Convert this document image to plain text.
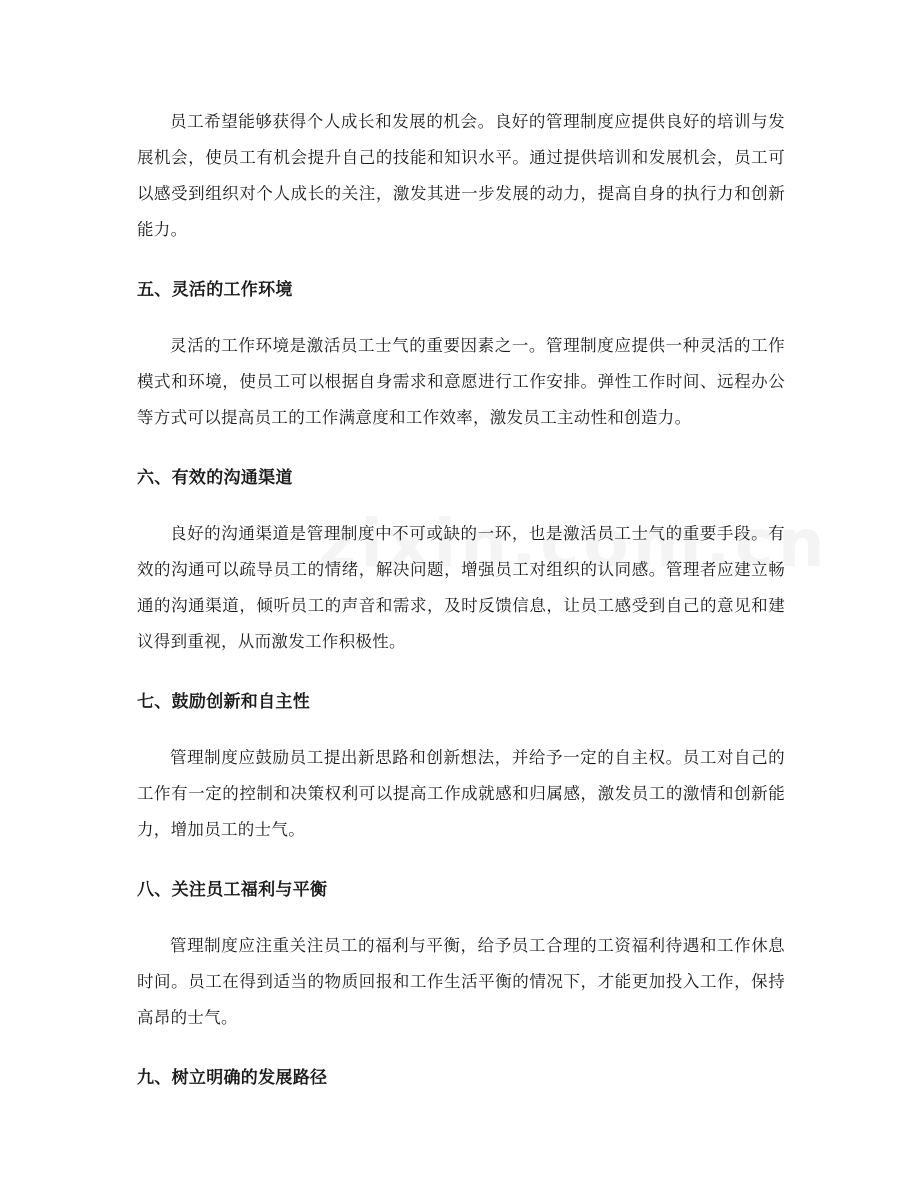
员工希望能够获得个人成长和发展的机会。良好的管理制度应提供良好的培训与发展机会，使员工有机会提升自己的技能和知识水平。通过提供培训和发展机会，员工可以感受到组织对个人成长的关注，激发其进一步发展的动力，提高自身的执行力和创新能力。

五、灵活的工作环境

灵活的工作环境是激活员工士气的重要因素之一。管理制度应提供一种灵活的工作模式和环境，使员工可以根据自身需求和意愿进行工作安排。弹性工作时间、远程办公等方式可以提高员工的工作满意度和工作效率，激发员工主动性和创造力。

六、有效的沟通渠道

良好的沟通渠道是管理制度中不可或缺的一环，也是激活员工士气的重要手段。有效的沟通可以疏导员工的情绪，解决问题，增强员工对组织的认同感。管理者应建立畅通的沟通渠道，倾听员工的声音和需求，及时反馈信息，让员工感受到自己的意见和建议得到重视，从而激发工作积极性。

七、鼓励创新和自主性

管理制度应鼓励员工提出新思路和创新想法，并给予一定的自主权。员工对自己的工作有一定的控制和决策权利可以提高工作成就感和归属感，激发员工的激情和创新能力，增加员工的士气。

八、关注员工福利与平衡

管理制度应注重关注员工的福利与平衡，给予员工合理的工资福利待遇和工作休息时间。员工在得到适当的物质回报和工作生活平衡的情况下，才能更加投入工作，保持高昂的士气。

九、树立明确的发展路径
